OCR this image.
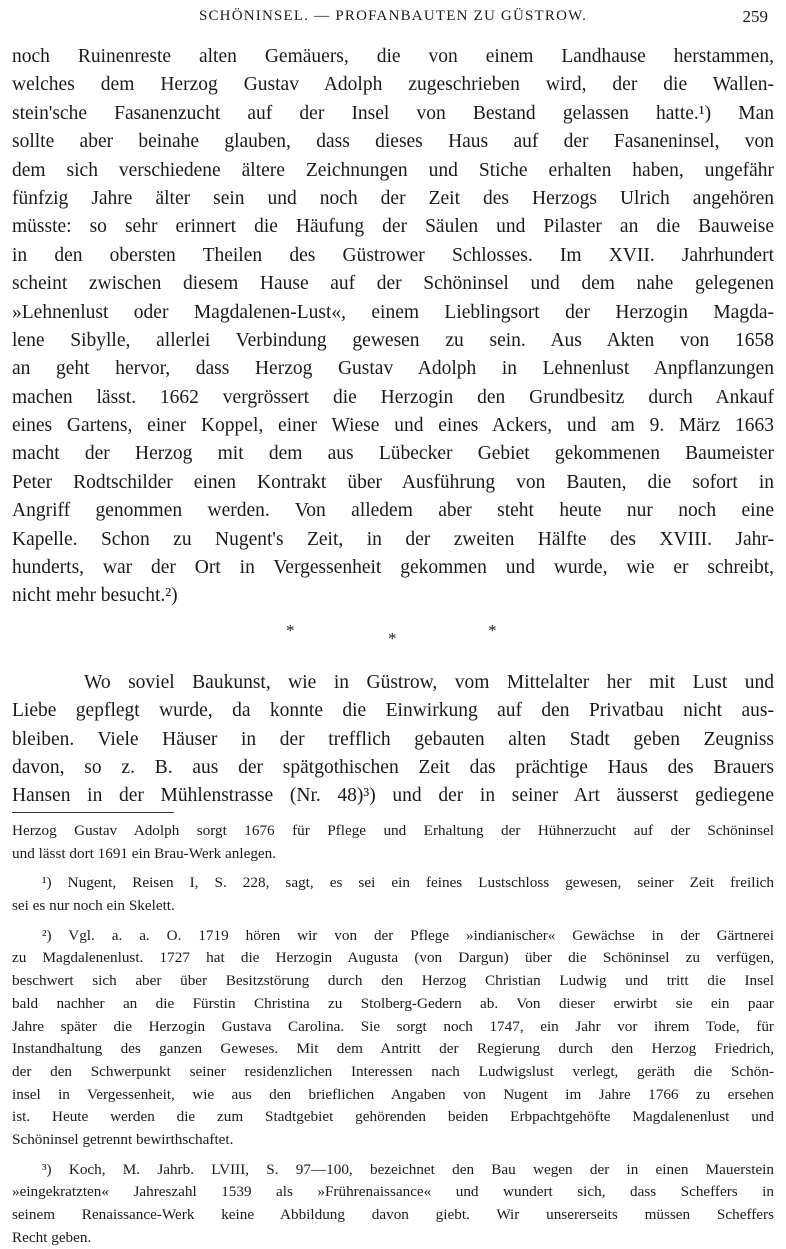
SCHÖNINSEL. — PROFANBAUTEN ZU GÜSTROW.	259
noch Ruinenreste alten Gemäuers, die von einem Landhause herstammen,
welches dem Herzog Gustav Adolph zugeschrieben wird, der die Wallen-
stein'sche Fasanenzucht auf der Insel von Bestand gelassen hatte.¹) Man
sollte aber beinahe glauben, dass dieses Haus auf der Fasaneninsel, von
dem sich verschiedene ältere Zeichnungen und Stiche erhalten haben, ungefähr
fünfzig Jahre älter sein und noch der Zeit des Herzogs Ulrich angehören
müsste: so sehr erinnert die Häufung der Säulen und Pilaster an die Bauweise
in den obersten Theilen des Güstrower Schlosses. Im XVII. Jahrhundert
scheint zwischen diesem Hause auf der Schöninsel und dem nahe gelegenen
»Lehnenlust oder Magdalenen-Lust«, einem Lieblingsort der Herzogin Magda-
lene Sibylle, allerlei Verbindung gewesen zu sein. Aus Akten von 1658
an geht hervor, dass Herzog Gustav Adolph in Lehnenlust Anpflanzungen
machen lässt. 1662 vergrössert die Herzogin den Grundbesitz durch Ankauf
eines Gartens, einer Koppel, einer Wiese und eines Ackers, und am 9. März 1663
macht der Herzog mit dem aus Lübecker Gebiet gekommenen Baumeister
Peter Rodtschilder einen Kontrakt über Ausführung von Bauten, die sofort in
Angriff genommen werden. Von alledem aber steht heute nur noch eine
Kapelle. Schon zu Nugent's Zeit, in der zweiten Hälfte des XVIII. Jahr-
hunderts, war der Ort in Vergessenheit gekommen und wurde, wie er schreibt,
nicht mehr besucht.²)
*	*	*
Wo soviel Baukunst, wie in Güstrow, vom Mittelalter her mit Lust und
Liebe gepflegt wurde, da konnte die Einwirkung auf den Privatbau nicht aus-
bleiben. Viele Häuser in der trefflich gebauten alten Stadt geben Zeugniss
davon, so z. B. aus der spätgothischen Zeit das prächtige Haus des Brauers
Hansen in der Mühlenstrasse (Nr. 48)³) und der in seiner Art äusserst gediegene
Herzog Gustav Adolph sorgt 1676 für Pflege und Erhaltung der Hühnerzucht auf der Schöninsel
und lässt dort 1691 ein Brau-Werk anlegen.
¹) Nugent, Reisen I, S. 228, sagt, es sei ein feines Lustschloss gewesen, seiner Zeit freilich
sei es nur noch ein Skelett.
²) Vgl. a. a. O. 1719 hören wir von der Pflege »indianischer« Gewächse in der Gärtnerei
zu Magdalenenlust. 1727 hat die Herzogin Augusta (von Dargun) über die Schöninsel zu verfügen,
beschwert sich aber über Besitzstörung durch den Herzog Christian Ludwig und tritt die Insel
bald nachher an die Fürstin Christina zu Stolberg-Gedern ab. Von dieser erwirbt sie ein paar
Jahre später die Herzogin Gustava Carolina. Sie sorgt noch 1747, ein Jahr vor ihrem Tode, für
Instandhaltung des ganzen Geweses. Mit dem Antritt der Regierung durch den Herzog Friedrich,
der den Schwerpunkt seiner residenzlichen Interessen nach Ludwigslust verlegt, geräth die Schön-
insel in Vergessenheit, wie aus den brieflichen Angaben von Nugent im Jahre 1766 zu ersehen
ist. Heute werden die zum Stadtgebiet gehörenden beiden Erbpachtgehöfte Magdalenenlust und
Schöninsel getrennt bewirthschaftet.
³) Koch, M. Jahrb. LVIII, S. 97—100, bezeichnet den Bau wegen der in einen Mauerstein
»eingekratzten« Jahreszahl 1539 als »Frührenaissance« und wundert sich, dass Scheffers in
seinem Renaissance-Werk keine Abbildung davon giebt. Wir unsererseits müssen Scheffers
Recht geben.
